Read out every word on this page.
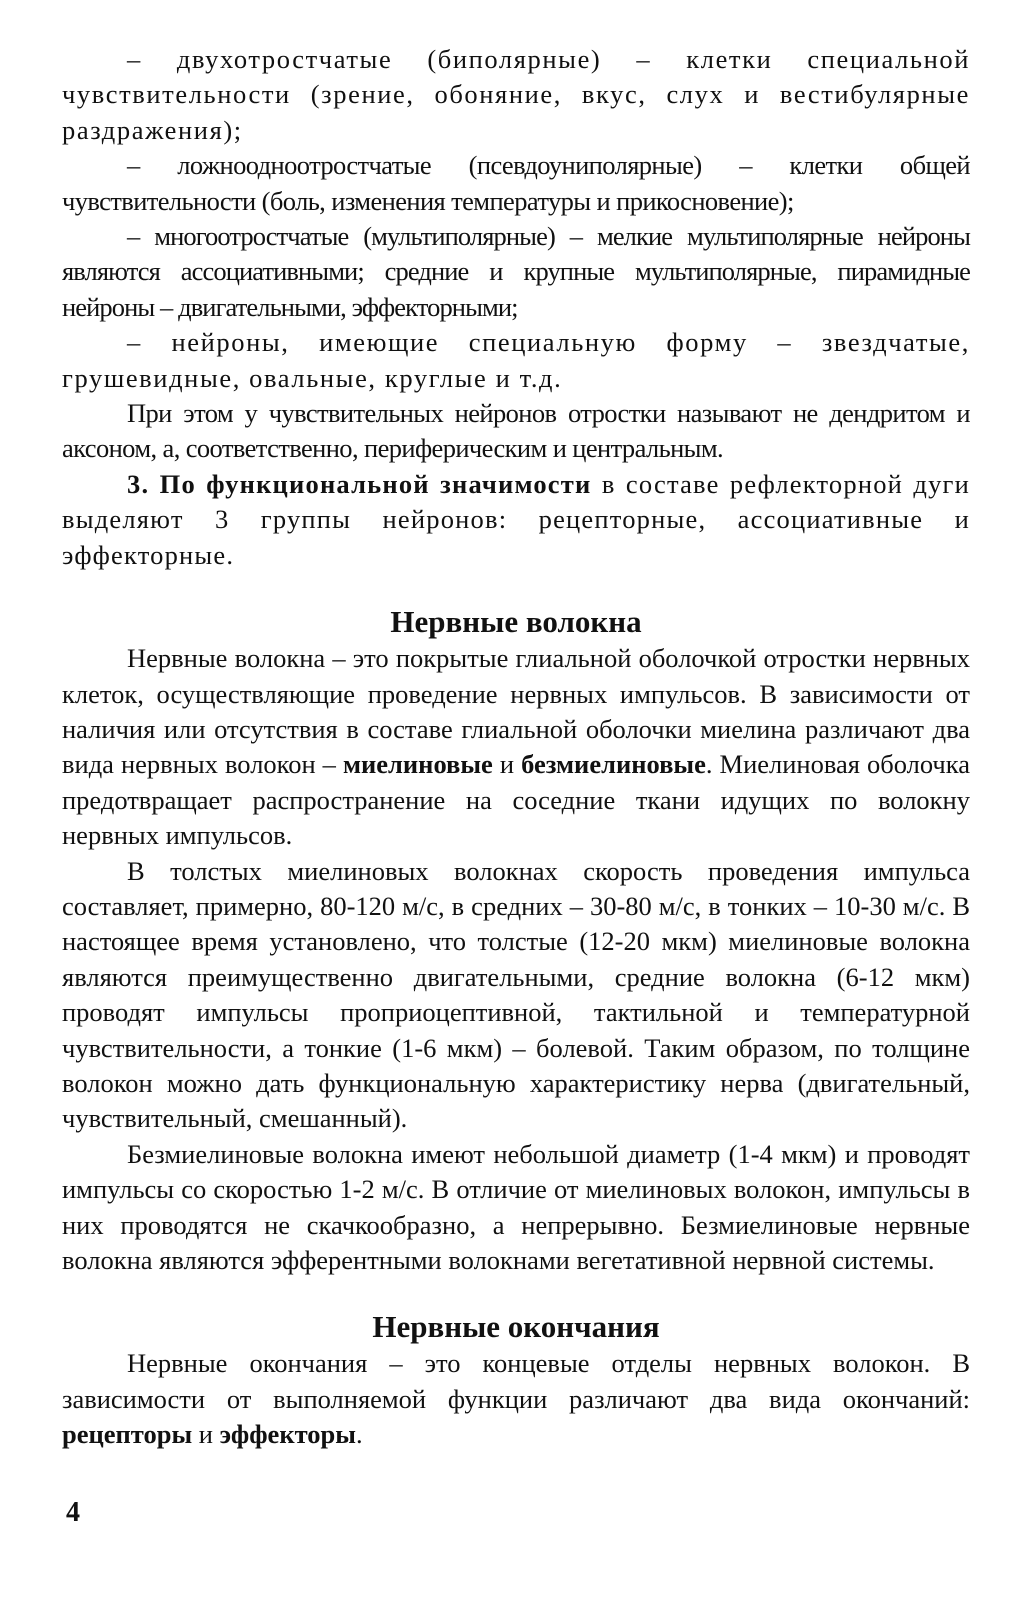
– двухотростчатые (биполярные) – клетки специальной чувствительности (зрение, обоняние, вкус, слух и вестибулярные раздражения);

– ложноодноотростчатые (псевдоуниполярные) – клетки общей чувствительности (боль, изменения температуры и прикосновение);

– многоотростчатые (мультиполярные) – мелкие мультиполярные нейроны являются ассоциативными; средние и крупные мультиполярные, пирамидные нейроны – двигательными, эффекторными;

– нейроны, имеющие специальную форму – звездчатые, грушевидные, овальные, круглые и т.д.

При этом у чувствительных нейронов отростки называют не дендритом и аксоном, а, соответственно, периферическим и центральным.

3. По функциональной значимости в составе рефлекторной дуги выделяют 3 группы нейронов: рецепторные, ассоциативные и эффекторные.

Нервные волокна

Нервные волокна – это покрытые глиальной оболочкой отростки нервных клеток, осуществляющие проведение нервных импульсов. В зависимости от наличия или отсутствия в составе глиальной оболочки миелина различают два вида нервных волокон – миелиновые и безмиелиновые. Миелиновая оболочка предотвращает распространение на соседние ткани идущих по волокну нервных импульсов.

В толстых миелиновых волокнах скорость проведения импульса составляет, примерно, 80-120 м/с, в средних – 30-80 м/с, в тонких – 10-30 м/с. В настоящее время установлено, что толстые (12-20 мкм) миелиновые волокна являются преимущественно двигательными, средние волокна (6-12 мкм) проводят импульсы проприоцептивной, тактильной и температурной чувствительности, а тонкие (1-6 мкм) – болевой. Таким образом, по толщине волокон можно дать функциональную характеристику нерва (двигательный, чувствительный, смешанный).

Безмиелиновые волокна имеют небольшой диаметр (1-4 мкм) и проводят импульсы со скоростью 1-2 м/с. В отличие от миелиновых волокон, импульсы в них проводятся не скачкообразно, а непрерывно. Безмиелиновые нервные волокна являются эфферентными волокнами вегетативной нервной системы.

Нервные окончания

Нервные окончания – это концевые отделы нервных волокон. В зависимости от выполняемой функции различают два вида окончаний: рецепторы и эффекторы.

4
